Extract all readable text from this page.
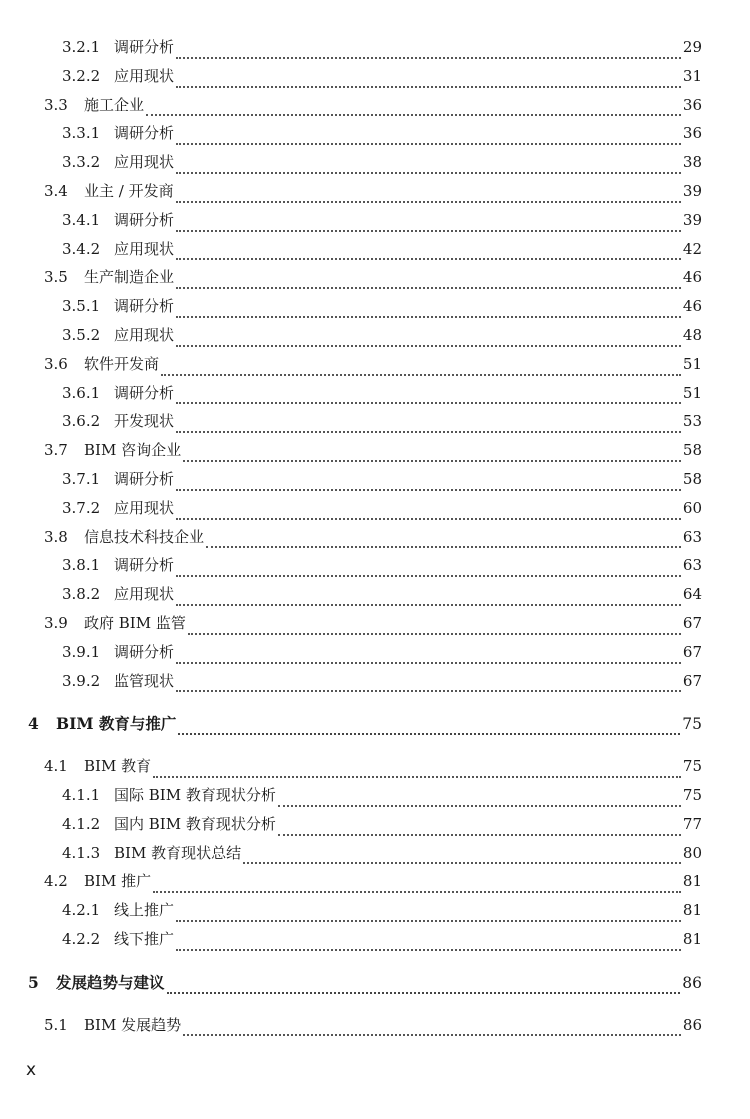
3.2.1 调研分析	29
3.2.2 应用现状	31
3.3	施工企业	36
3.3.1 调研分析	36
3.3.2 应用现状	38
3.4	业主 / 开发商	39
3.4.1 调研分析	39
3.4.2 应用现状	42
3.5	生产制造企业	46
3.5.1 调研分析	46
3.5.2 应用现状	48
3.6	软件开发商	51
3.6.1 调研分析	51
3.6.2 开发现状	53
3.7	BIM 咨询企业	58
3.7.1 调研分析	58
3.7.2 应用现状	60
3.8	信息技术科技企业	63
3.8.1 调研分析	63
3.8.2 应用现状	64
3.9	政府 BIM 监管	67
3.9.1 调研分析	67
3.9.2 监管现状	67
4	BIM 教育与推广	75
4.1	BIM 教育	75
4.1.1 国际 BIM 教育现状分析	75
4.1.2 国内 BIM 教育现状分析	77
4.1.3 BIM 教育现状总结	80
4.2	BIM 推广	81
4.2.1 线上推广	81
4.2.2 线下推广	81
5	发展趋势与建议	86
5.1	BIM 发展趋势	86
x
